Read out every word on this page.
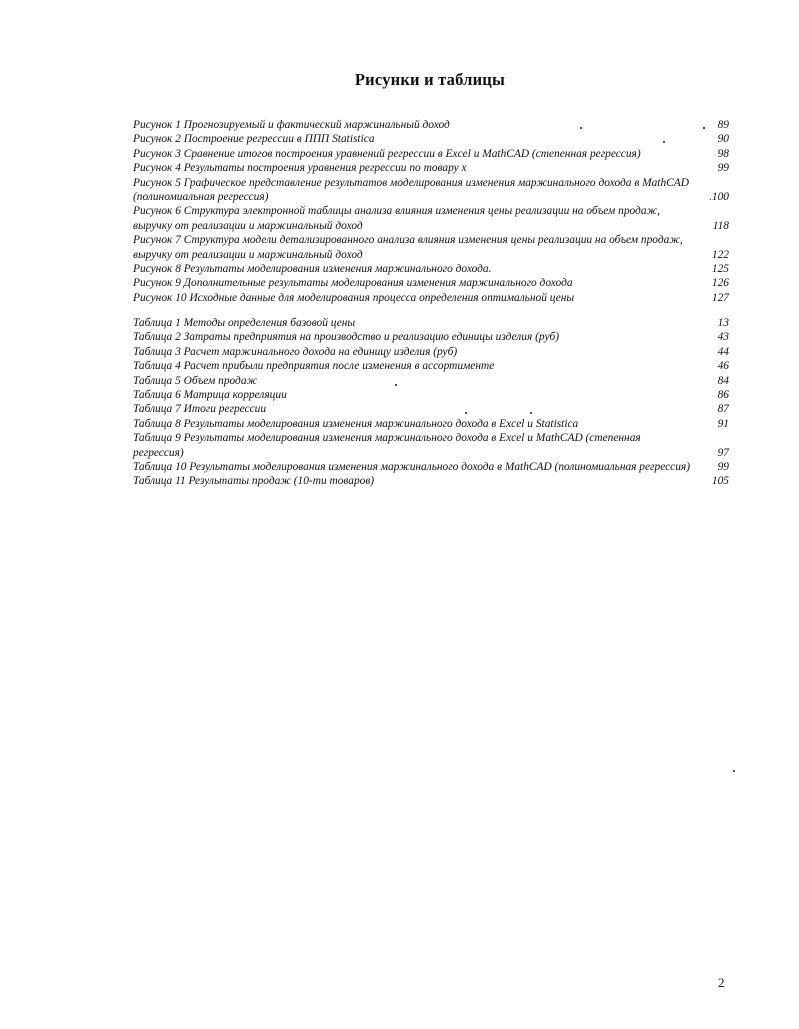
Рисунки и таблицы
Рисунок 1 Прогнозируемый и фактический маржинальный доход	89
Рисунок 2 Построение регрессии в ППП Statistica	90
Рисунок 3 Сравнение итогов построения уравнений регрессии в Excel и MathCAD (степенная регрессия)	98
Рисунок 4 Результаты построения уравнения регрессии по товару х	99
Рисунок 5 Графическое представление результатов моделирования изменения маржинального дохода в MathCAD (полиномиальная регрессия)	.100
Рисунок 6 Структура электронной таблицы анализа влияния изменения цены реализации на объем продаж, выручку от реализации и маржинальный доход	118
Рисунок 7 Структура модели детализированного анализа влияния изменения цены реализации на объем продаж, выручку от реализации и маржинальный доход	122
Рисунок 8 Результаты моделирования изменения маржинального дохода.	125
Рисунок 9 Дополнительные результаты моделирования изменения маржинального дохода	126
Рисунок 10 Исходные данные для моделирования процесса определения оптимальной цены	127
Таблица 1 Методы определения базовой цены	13
Таблица 2 Затраты предприятия на производство и реализацию единицы изделия (руб)	43
Таблица 3 Расчет маржинального дохода на единицу изделия (руб)	44
Таблица 4 Расчет прибыли предприятия после изменения в ассортименте	46
Таблица 5 Объем продаж	84
Таблица 6 Матрица корреляции	86
Таблица 7 Итоги регрессии	87
Таблица 8 Результаты моделирования изменения маржинального дохода в Excel и Statistica	91
Таблица 9 Результаты моделирования изменения маржинального дохода в Excel и MathCAD (степенная регрессия)	97
Таблица 10 Результаты моделирования изменения маржинального дохода в MathCAD (полиномиальная регрессия)	99
Таблица 11 Результаты продаж (10-ти товаров)	105
2
